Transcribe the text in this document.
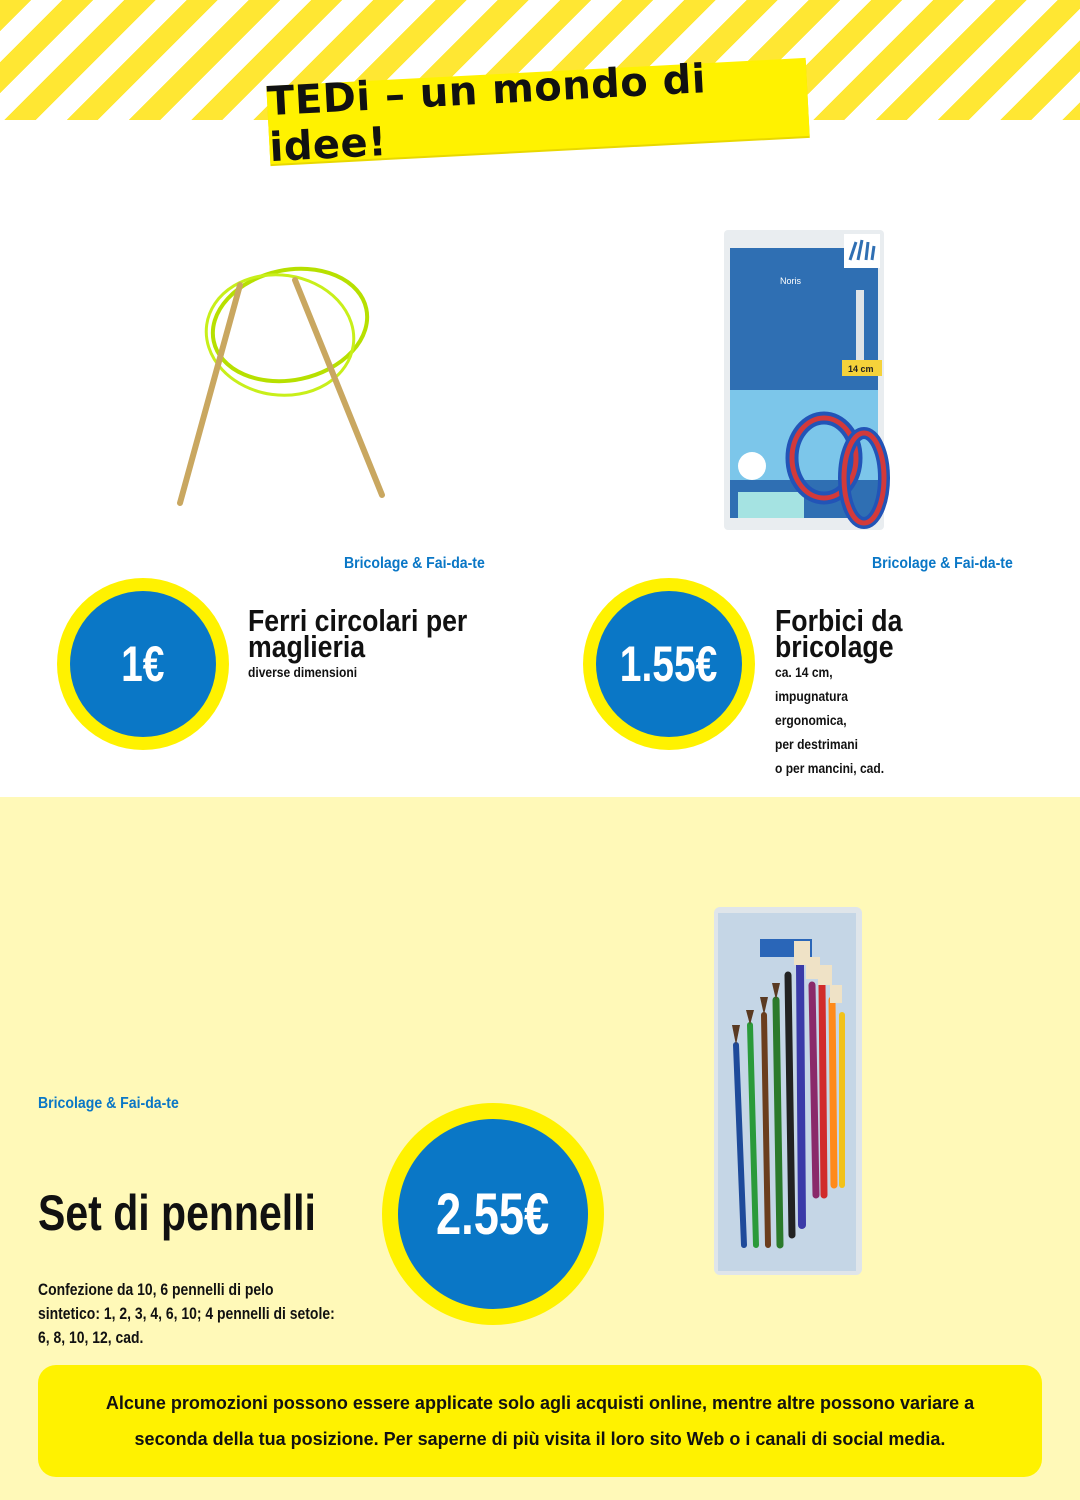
TEDi – un mondo di idee!
Bricolage & Fai-da-te
1€
Ferri circolari per
maglieria
diverse dimensioni
Noris
14 cm
Bricolage & Fai-da-te
1.55€
Forbici da
bricolage
ca. 14 cm,
impugnatura
ergonomica,
per destrimani
o per mancini, cad.
Bricolage & Fai-da-te
2.55€
Set di pennelli
Confezione da 10, 6 pennelli di pelo
sintetico: 1, 2, 3, 4, 6, 10; 4 pennelli di setole:
6, 8, 10, 12, cad.

Alcune promozioni possono essere applicate solo agli acquisti online, mentre altre possono variare a seconda della tua posizione. Per saperne di più visita il loro sito Web o i canali di social media.
